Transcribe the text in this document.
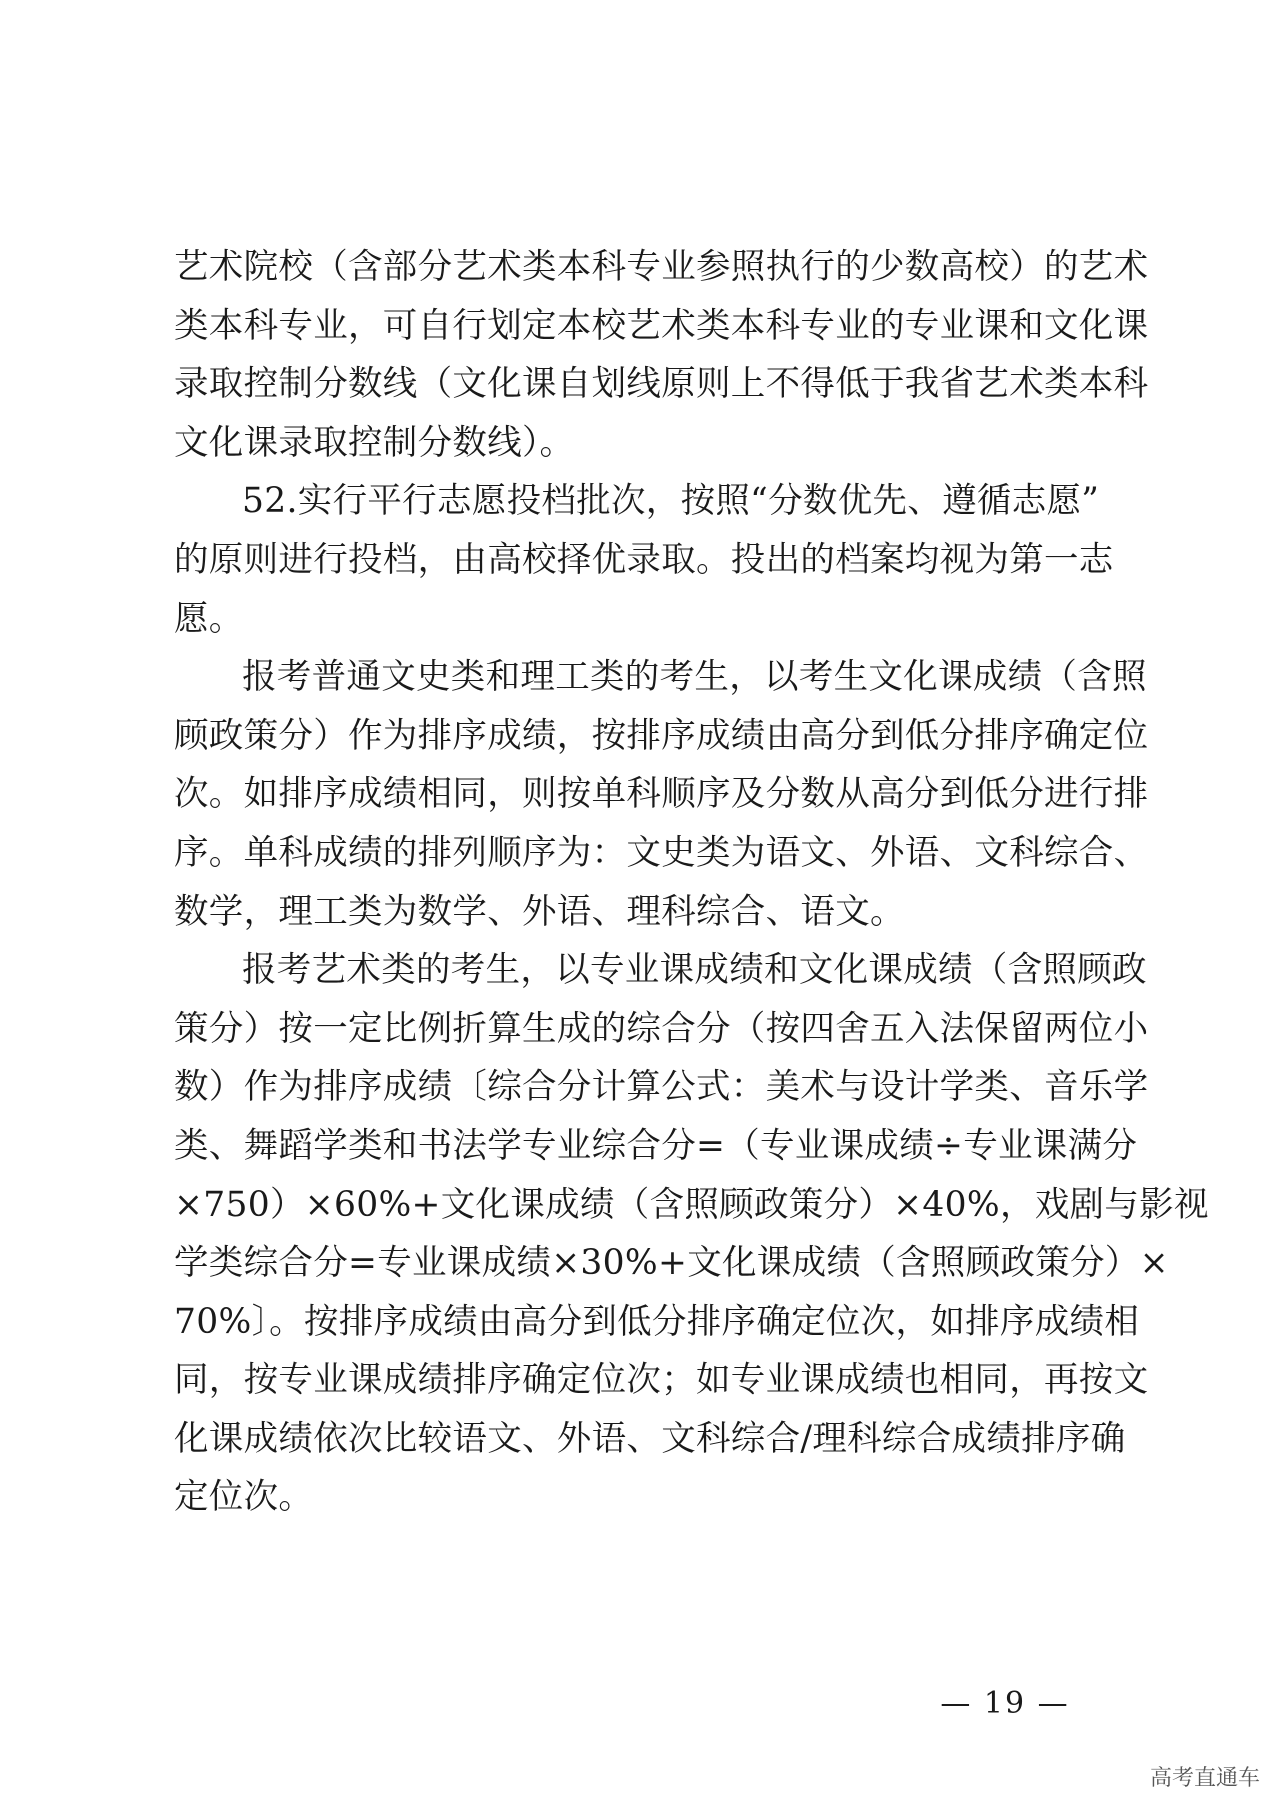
艺术院校（含部分艺术类本科专业参照执行的少数高校）的艺术
类本科专业，可自行划定本校艺术类本科专业的专业课和文化课
录取控制分数线（文化课自划线原则上不得低于我省艺术类本科
文化课录取控制分数线）。
52.实行平行志愿投档批次，按照“分数优先、遵循志愿”
的原则进行投档，由高校择优录取。投出的档案均视为第一志
愿。
报考普通文史类和理工类的考生，以考生文化课成绩（含照
顾政策分）作为排序成绩，按排序成绩由高分到低分排序确定位
次。如排序成绩相同，则按单科顺序及分数从高分到低分进行排
序。单科成绩的排列顺序为：文史类为语文、外语、文科综合、
数学，理工类为数学、外语、理科综合、语文。
报考艺术类的考生，以专业课成绩和文化课成绩（含照顾政
策分）按一定比例折算生成的综合分（按四舍五入法保留两位小
数）作为排序成绩〔综合分计算公式：美术与设计学类、音乐学
类、舞蹈学类和书法学专业综合分=（专业课成绩÷专业课满分
×750）×60%+文化课成绩（含照顾政策分）×40%，戏剧与影视
学类综合分=专业课成绩×30%+文化课成绩（含照顾政策分）×
70%〕。按排序成绩由高分到低分排序确定位次，如排序成绩相
同，按专业课成绩排序确定位次；如专业课成绩也相同，再按文
化课成绩依次比较语文、外语、文科综合/理科综合成绩排序确
定位次。
— 19 —
高考直通车
